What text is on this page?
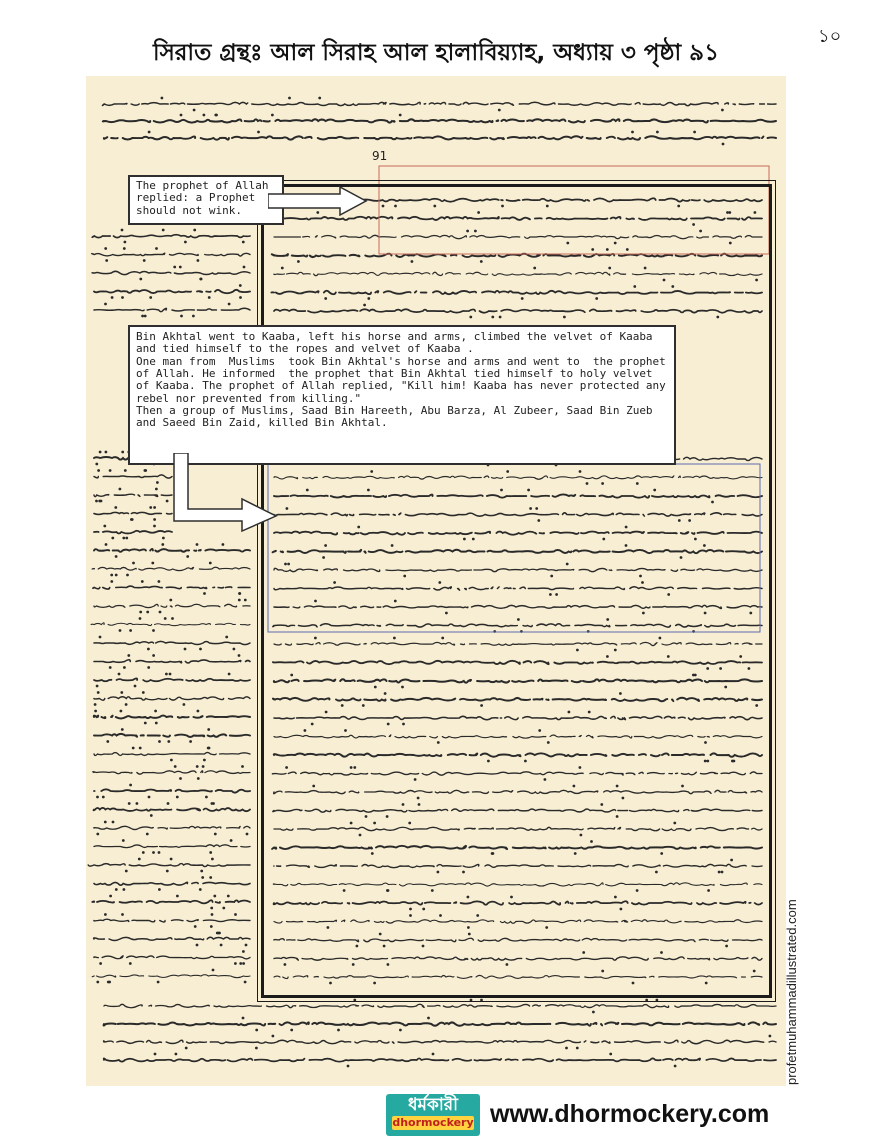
১০
সিরাত গ্রন্থঃ আল সিরাহ আল হালাবিয়্যাহ, অধ্যায় ৩ পৃষ্ঠা ৯১
91

The prophet of Allah
replied: a Prophet
should not wink.

Bin Akhtal went to Kaaba, left his horse and arms, climbed the velvet of Kaaba and tied himself to the ropes and velvet of Kaaba .

One man from  Muslims  took Bin Akhtal's horse and arms and went to  the prophet of Allah. He informed  the prophet that Bin Akhtal tied himself to holy velvet of Kaaba. The prophet of Allah replied, "Kill him! Kaaba has never protected any rebel nor prevented from killing."

Then a group of Muslims, Saad Bin Hareeth, Abu Barza, Al Zubeer, Saad Bin Zueb and Saeed Bin Zaid, killed Bin Akhtal.

profetmuhammadillustrated.com
ধর্মকারী
dhormockery www.dhormockery.com
